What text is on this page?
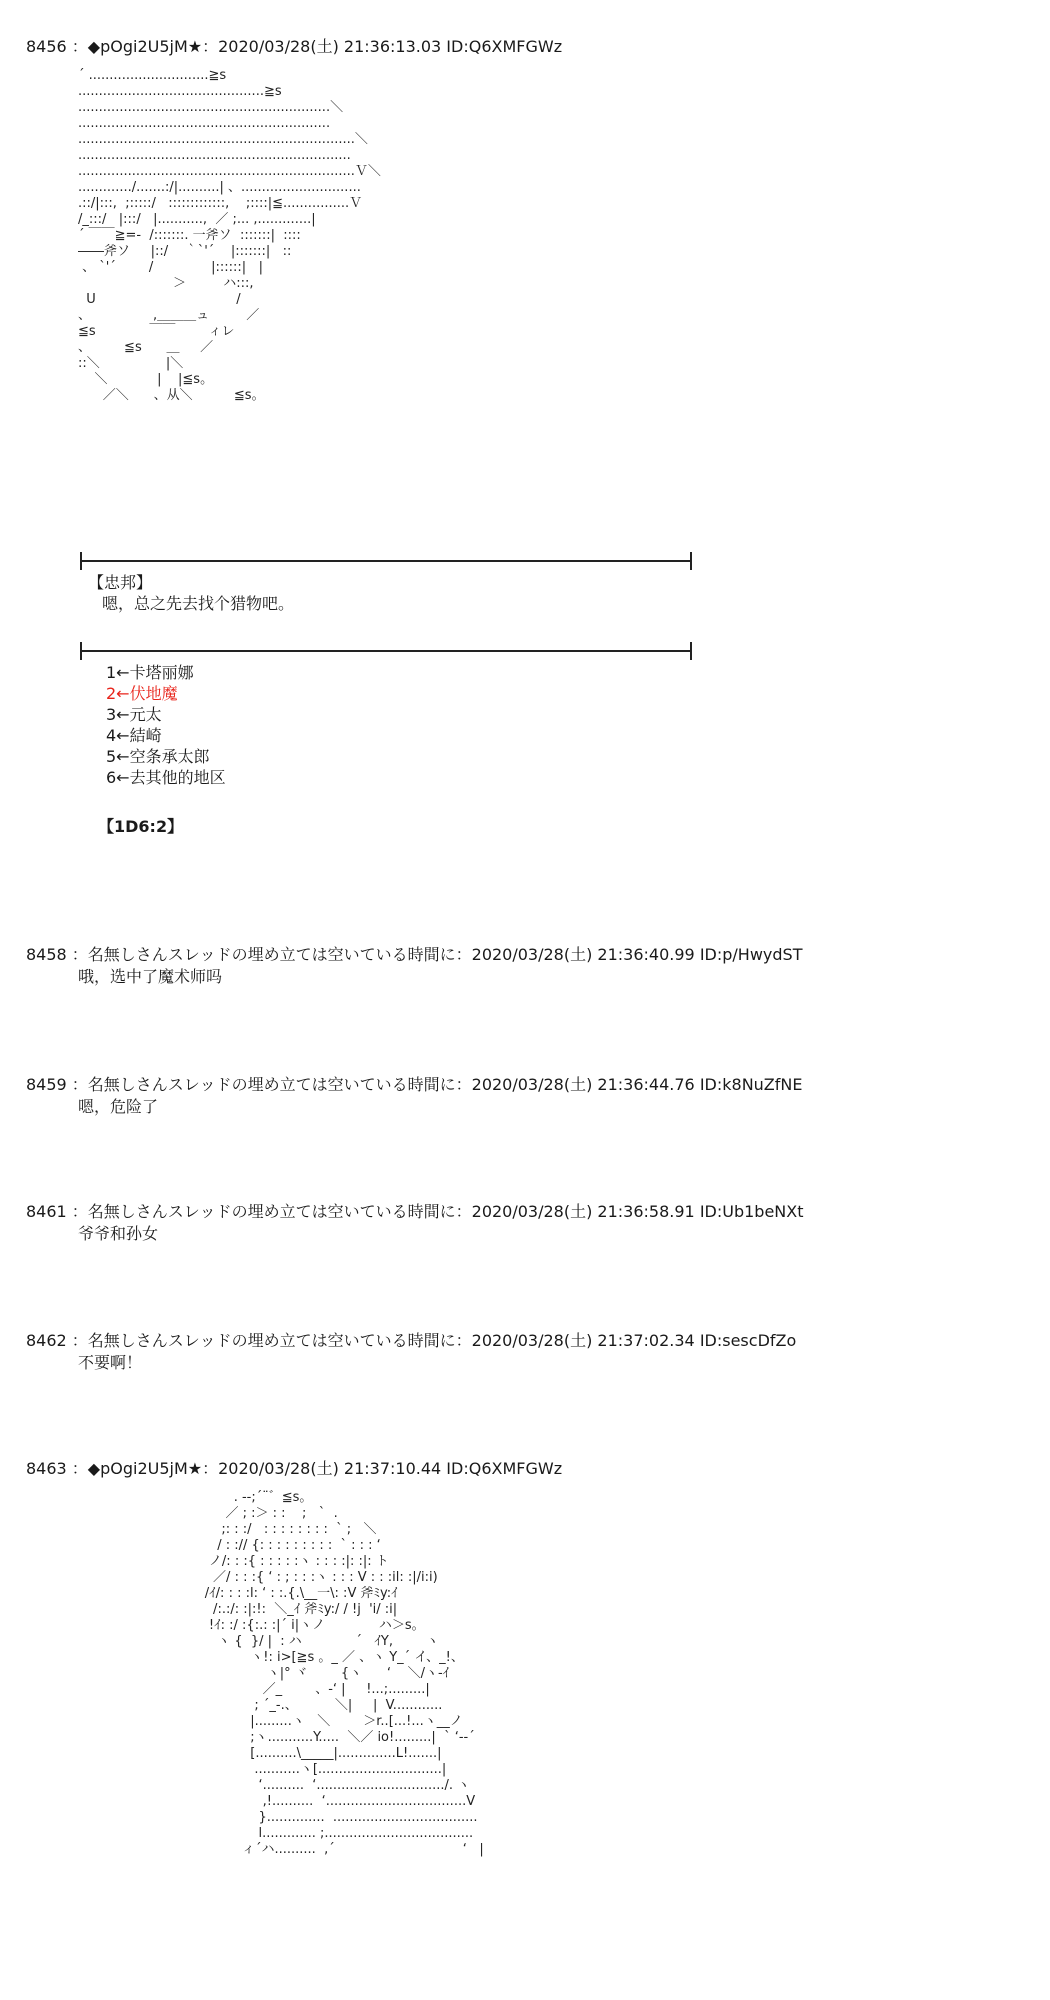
8456 ：◆pOgi2U5jM★：2020/03/28(土) 21:36:13.03 ID:Q6XMFGWz
´ .............................≧s
.............................................≧s
.............................................................＼
.............................................................
...................................................................＼
..................................................................
...................................................................Ｖ＼
............./.......:/|..........| 、.............................
.::/|:::,  ;:::::/   :::::::::::::,    ;::::|≦................Ｖ
/_:::/   |:::/   |...........,  ／ ;... ,.............|
´ ￣￣≧=-  /:::::::. 一斧ソ  :::::::|  ::::
――斧ソ     |::/    ｀`'´    |:::::::|   ::
、 `'´        /              |::::::|   |
＞         ハ:::,
U                                  /
、               ,＿＿＿ュ         ／
≦s             ￣￣        ィレ
、        ≦s      ＿     ／
::＼                |＼
＼            |    |≦s。
／＼      、从＼          ≦s。
【忠邦】
嗯，总之先去找个猎物吧。
1←卡塔丽娜
2←伏地魔
3←元太
4←結崎
5←空条承太郎
6←去其他的地区
【1D6:2】
8458 ：名無しさんスレッドの埋め立ては空いている時間に：2020/03/28(土) 21:36:40.99 ID:p/HwydST
哦，选中了魔术师吗
8459 ：名無しさんスレッドの埋め立ては空いている時間に：2020/03/28(土) 21:36:44.76 ID:k8NuZfNE
嗯，危险了
8461 ：名無しさんスレッドの埋め立ては空いている時間に：2020/03/28(土) 21:36:58.91 ID:Ub1beNXt
爷爷和孙女
8462 ：名無しさんスレッドの埋め立ては空いている時間に：2020/03/28(土) 21:37:02.34 ID:sescDfZo
不要啊！
8463 ：◆pOgi2U5jM★：2020/03/28(土) 21:37:10.44 ID:Q6XMFGWz
. -‐;´¨゛≦s。
／ ; :＞ : :    ;   `  .
;: : :/   : : : : : : : :  ` ;   ＼
/ : :// {: : : : : : : : :  ` : : : ‘
ノ/: : :{ : : : : :ヽ : : : :|: :|: ト
／/ : : :{ ‘ : ; : : :ヽ : : : V : : :il: :|/i:i)
/ｲ/: : : :l: ‘ : :.{.\__一\: :V 斧ﾐy:ｲ
/:.:/: :|:!:  ＼_ｲ 斧ﾐy:/ / !j  'i/ :i|
!ｲ: :/ :{:.: :|´ i|ヽノ             ハ＞s。
ヽ {  }/ |  : ハ             ´   ｲY,        ヽ
ヽ!: i>[≧s 。_ ／ 、ヽ Y_´ イ、_!、
ヽ|° ヾ        {ヽ      ‘    ＼/ヽ-ｲ
／_        、-‘ |     !...;.........|
; ´_-.、         ＼|     |  V............
|.........ヽ   ＼        ＞r..[...!...ヽ__ノ
;ヽ...........Y.....  ＼／ io!.........|  ` ‘‐-´
[..........\_____|..............L!.......|
...........ヽ[..............................|
‘..........  ‘.............................../. ヽ
,!..........  ‘..................................V
}..............  ...................................
l............. ;....................................
ィ´ハ..........  ,´                               ‘   |
